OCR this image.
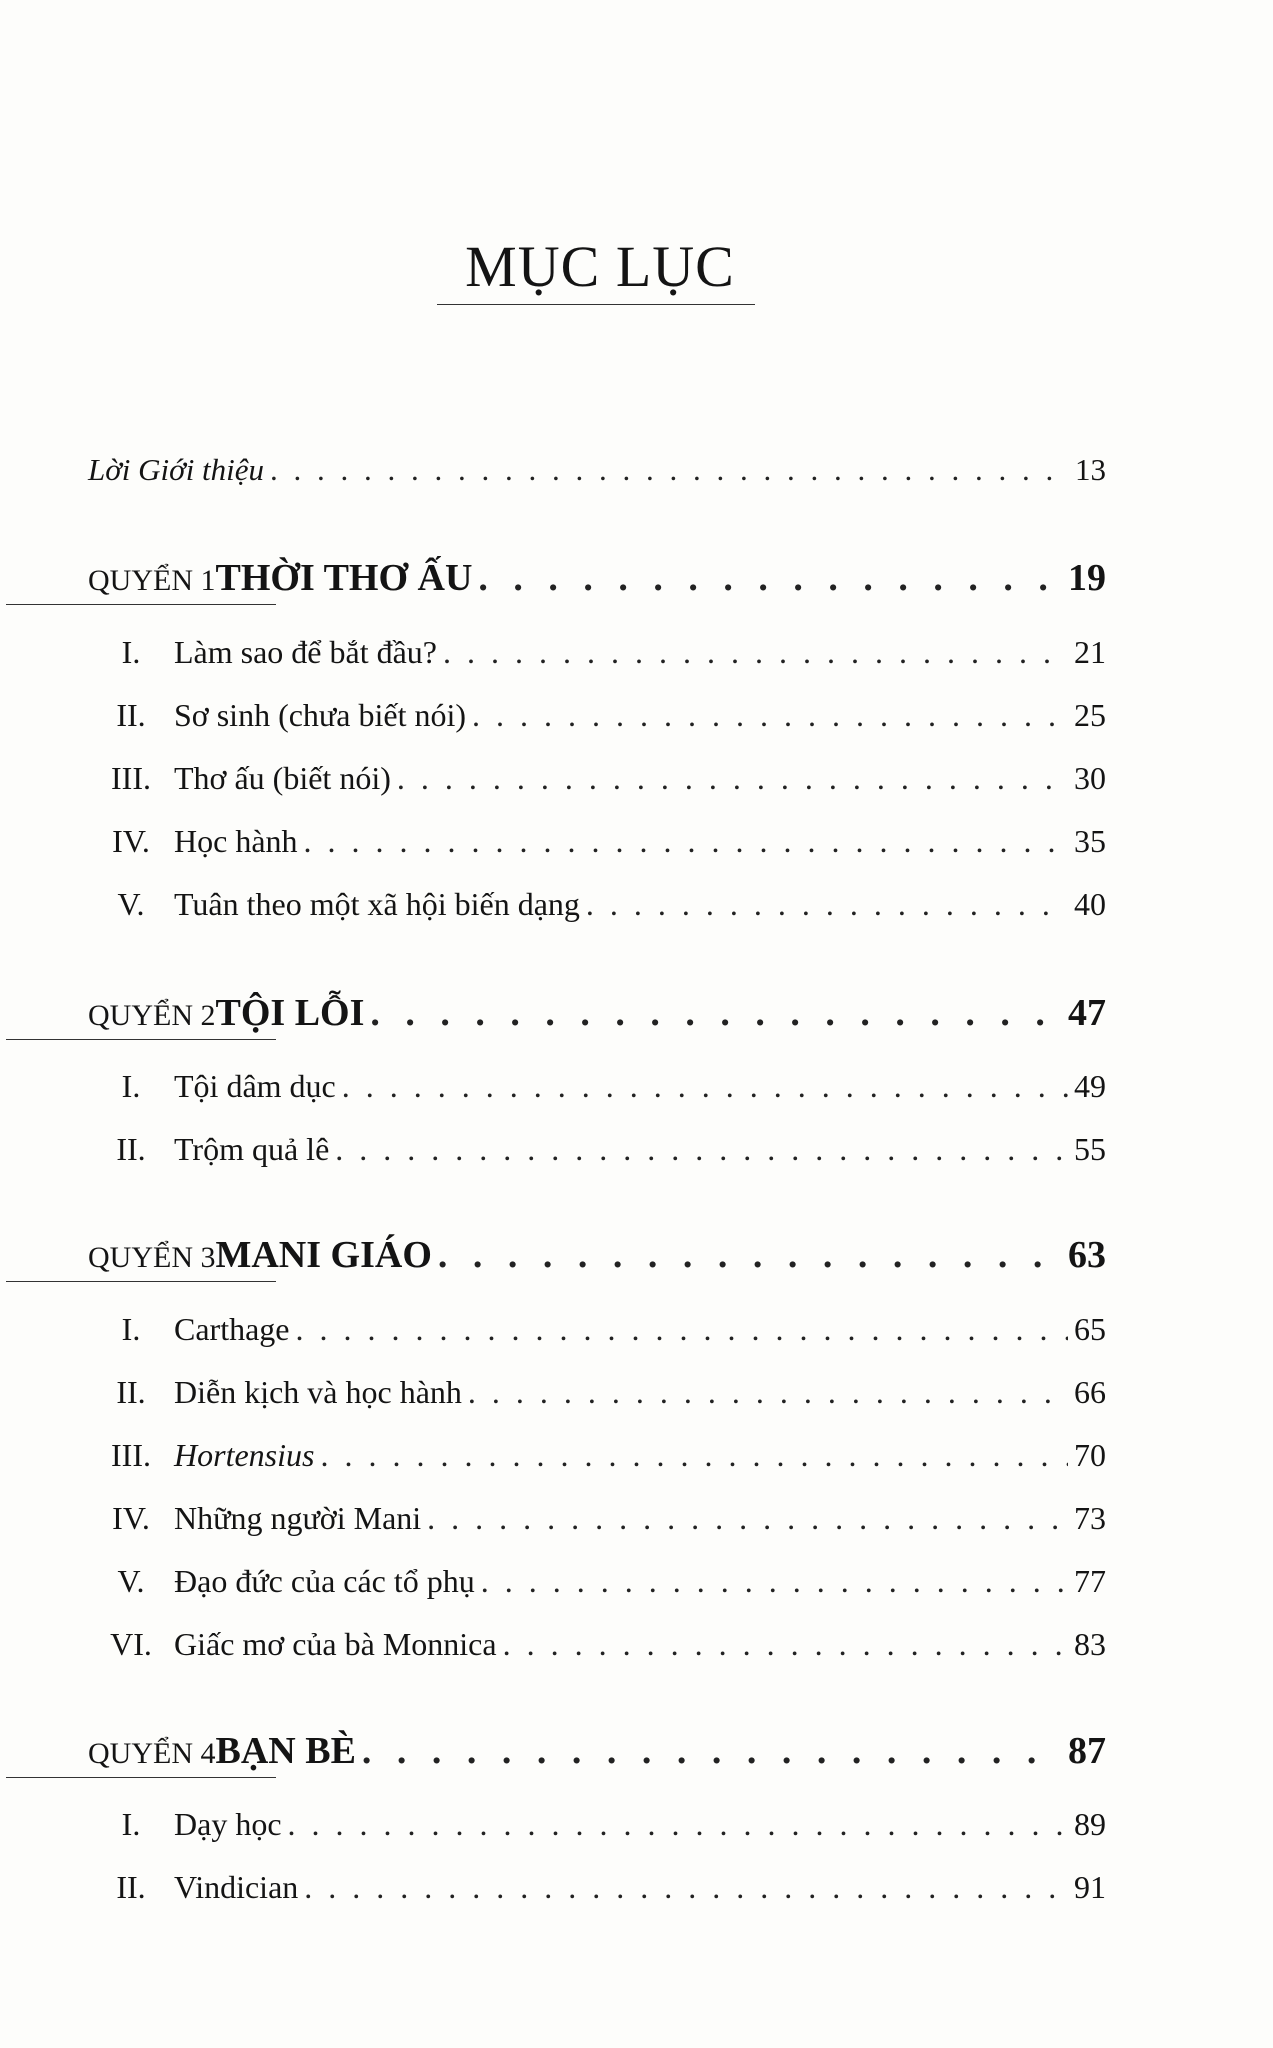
MỤC LỤC
Lời Giới thiệu . . .	13
QUYỂN 1 THỜI THƠ ẤU . . .	19
I.	Làm sao để bắt đầu? . . .	21
II. Sơ sinh (chưa biết nói) . . .	25
III. Thơ ấu (biết nói) . . .	30
IV. Học hành . . .	35
V. Tuân theo một xã hội biến dạng . . .	40
QUYỂN 2 TỘI LỖI . . .	47
I.	Tội dâm dục . . .	49
II. Trộm quả lê . . .	55
QUYỂN 3 MANI GIÁO . . .	63
I.	Carthage . . .	65
II. Diễn kịch và học hành . . .	66
III. Hortensius . . .	70
IV. Những người Mani . . .	73
V. Đạo đức của các tổ phụ . . .	77
VI. Giấc mơ của bà Monnica . . .	83
QUYỂN 4 BẠN BÈ . . .	87
I.	Dạy học . . .	89
II. Vindician . . .	91
